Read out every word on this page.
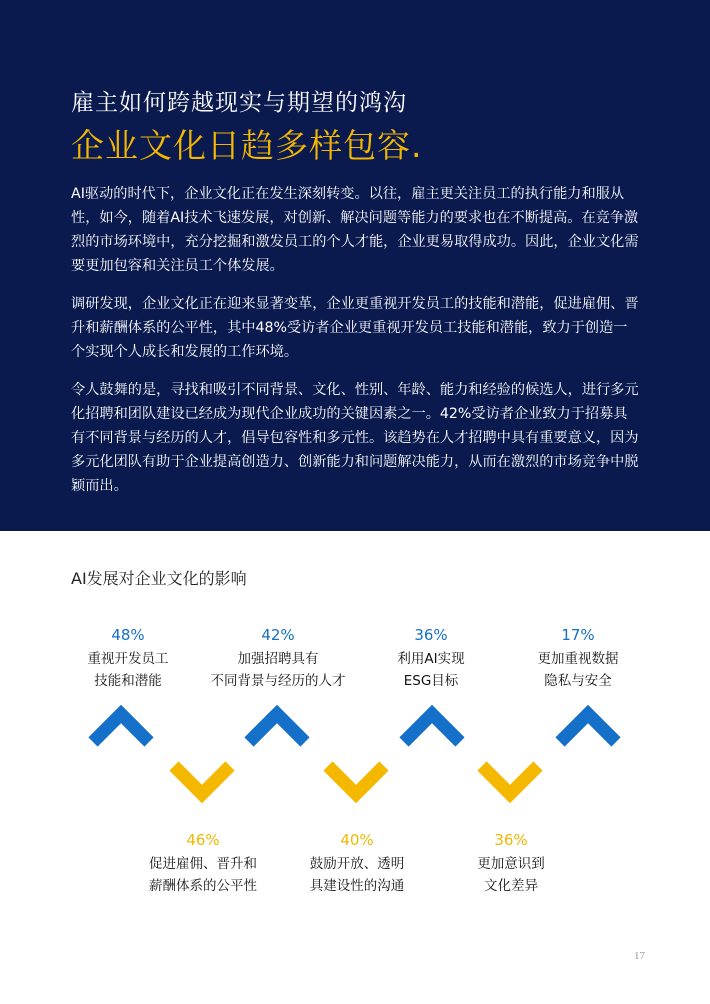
雇主如何跨越现实与期望的鸿沟
企业文化日趋多样包容.

AI驱动的时代下，企业文化正在发生深刻转变。以往，雇主更关注员工的执行能力和服从性，如今，随着AI技术飞速发展，对创新、解决问题等能力的要求也在不断提高。在竞争激烈的市场环境中，充分挖掘和激发员工的个人才能，企业更易取得成功。因此，企业文化需要更加包容和关注员工个体发展。

调研发现，企业文化正在迎来显著变革，企业更重视开发员工的技能和潜能，促进雇佣、晋升和薪酬体系的公平性，其中48%受访者企业更重视开发员工技能和潜能，致力于创造一个实现个人成长和发展的工作环境。

令人鼓舞的是，寻找和吸引不同背景、文化、性别、年龄、能力和经验的候选人，进行多元化招聘和团队建设已经成为现代企业成功的关键因素之一。42%受访者企业致力于招募具有不同背景与经历的人才，倡导包容性和多元性。该趋势在人才招聘中具有重要意义，因为多元化团队有助于企业提高创造力、创新能力和问题解决能力，从而在激烈的市场竞争中脱颖而出。

AI发展对企业文化的影响
48%
重视开发员工
技能和潜能
42%
加强招聘具有
不同背景与经历的人才
36%
利用AI实现
ESG目标
17%
更加重视数据
隐私与安全
46%
促进雇佣、晋升和
薪酬体系的公平性
40%
鼓励开放、透明
具建设性的沟通
36%
更加意识到
文化差异
17
